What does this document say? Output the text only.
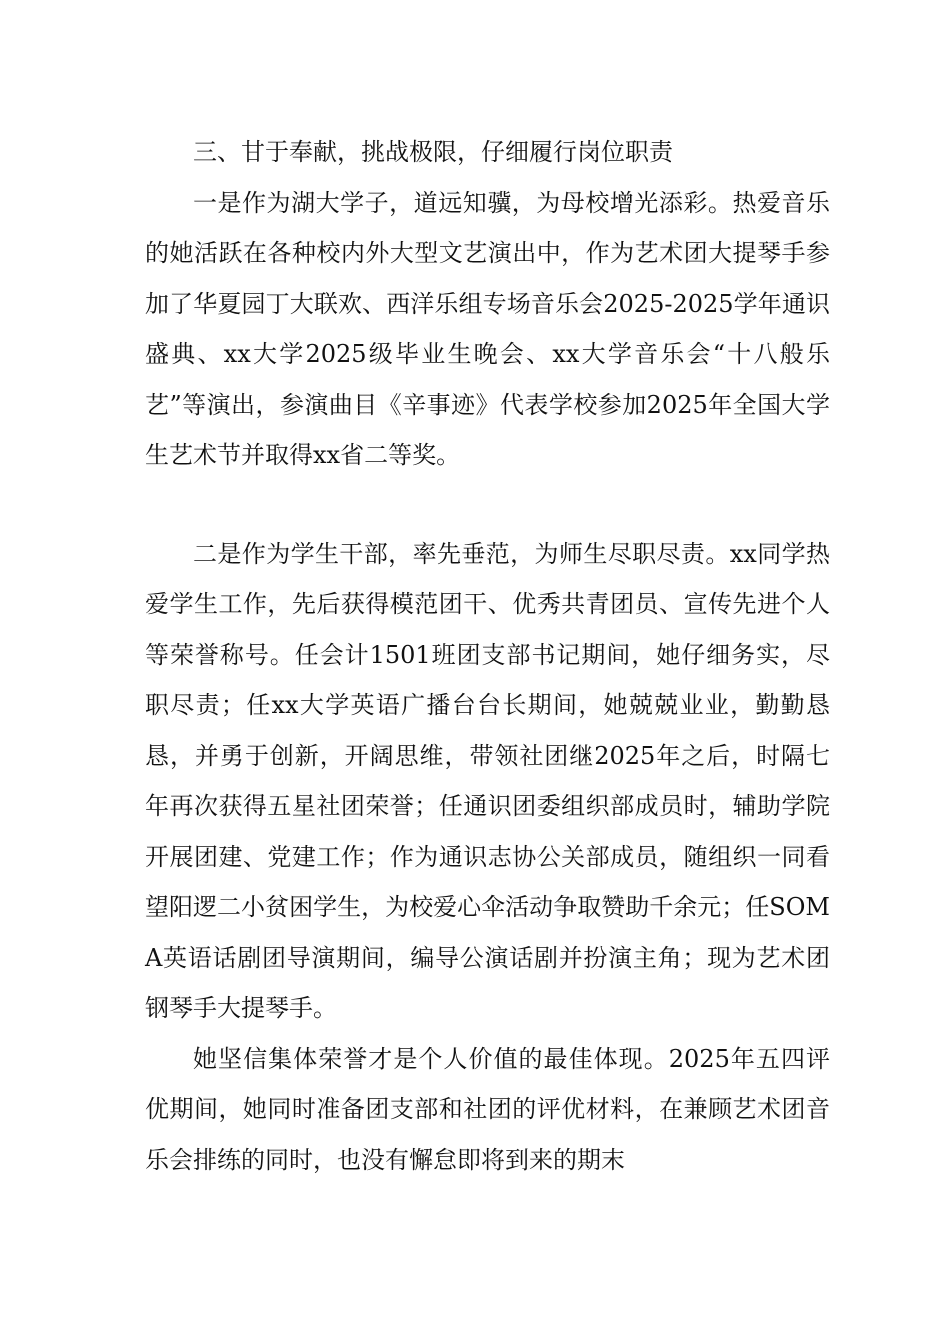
三、甘于奉献，挑战极限，仔细履行岗位职责

一是作为湖大学子，道远知骥，为母校增光添彩。热爱音乐的她活跃在各种校内外大型文艺演出中，作为艺术团大提琴手参加了华夏园丁大联欢、西洋乐组专场音乐会2025-2025学年通识盛典、xx大学2025级毕业生晚会、xx大学音乐会“十八般乐艺”等演出，参演曲目《辛事迹》代表学校参加2025年全国大学生艺术节并取得xx省二等奖。

二是作为学生干部，率先垂范，为师生尽职尽责。xx同学热爱学生工作，先后获得模范团干、优秀共青团员、宣传先进个人等荣誉称号。任会计1501班团支部书记期间，她仔细务实，尽职尽责；任xx大学英语广播台台长期间，她兢兢业业，勤勤恳恳，并勇于创新，开阔思维，带领社团继2025年之后，时隔七年再次获得五星社团荣誉；任通识团委组织部成员时，辅助学院开展团建、党建工作；作为通识志协公关部成员，随组织一同看望阳逻二小贫困学生，为校爱心伞活动争取赞助千余元；任SOMA英语话剧团导演期间，编导公演话剧并扮演主角；现为艺术团钢琴手大提琴手。

她坚信集体荣誉才是个人价值的最佳体现。2025年五四评优期间，她同时准备团支部和社团的评优材料，在兼顾艺术团音乐会排练的同时，也没有懈怠即将到来的期末
